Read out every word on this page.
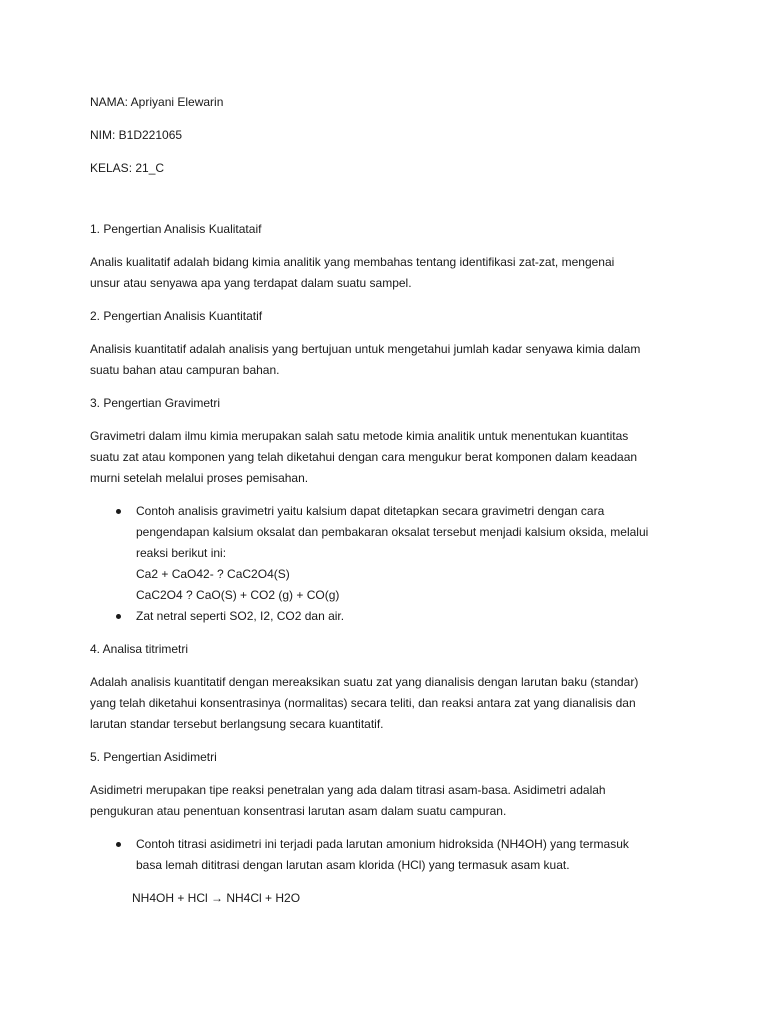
NAMA: Apriyani Elewarin

NIM: B1D221065

KELAS: 21_C

1. Pengertian Analisis Kualitataif

Analis kualitatif adalah bidang kimia analitik yang membahas tentang identifikasi zat-zat, mengenai

unsur atau senyawa apa yang terdapat dalam suatu sampel.

2. Pengertian Analisis Kuantitatif

Analisis kuantitatif adalah analisis yang bertujuan untuk mengetahui jumlah kadar senyawa kimia dalam

suatu bahan atau campuran bahan.

3. Pengertian Gravimetri

Gravimetri dalam ilmu kimia merupakan salah satu metode kimia analitik untuk menentukan kuantitas

suatu zat atau komponen yang telah diketahui dengan cara mengukur berat komponen dalam keadaan

murni setelah melalui proses pemisahan.

Contoh analisis gravimetri yaitu kalsium dapat ditetapkan secara gravimetri dengan cara

pengendapan kalsium oksalat dan pembakaran oksalat tersebut menjadi kalsium oksida, melalui

reaksi berikut ini:

Ca2 + CaO42- ? CaC2O4(S)

CaC2O4 ? CaO(S) + CO2 (g) + CO(g)

Zat netral seperti SO2, I2, CO2 dan air.

4. Analisa titrimetri

Adalah analisis kuantitatif dengan mereaksikan suatu zat yang dianalisis dengan larutan baku (standar)

yang telah diketahui konsentrasinya (normalitas) secara teliti, dan reaksi antara zat yang dianalisis dan

larutan standar tersebut berlangsung secara kuantitatif.

5. Pengertian Asidimetri

Asidimetri merupakan tipe reaksi penetralan yang ada dalam titrasi asam-basa. Asidimetri adalah

pengukuran atau penentuan konsentrasi larutan asam dalam suatu campuran.

Contoh titrasi asidimetri ini terjadi pada larutan amonium hidroksida (NH4OH) yang termasuk

basa lemah dititrasi dengan larutan asam klorida (HCl) yang termasuk asam kuat.

NH4OH + HCl → NH4Cl + H2O
